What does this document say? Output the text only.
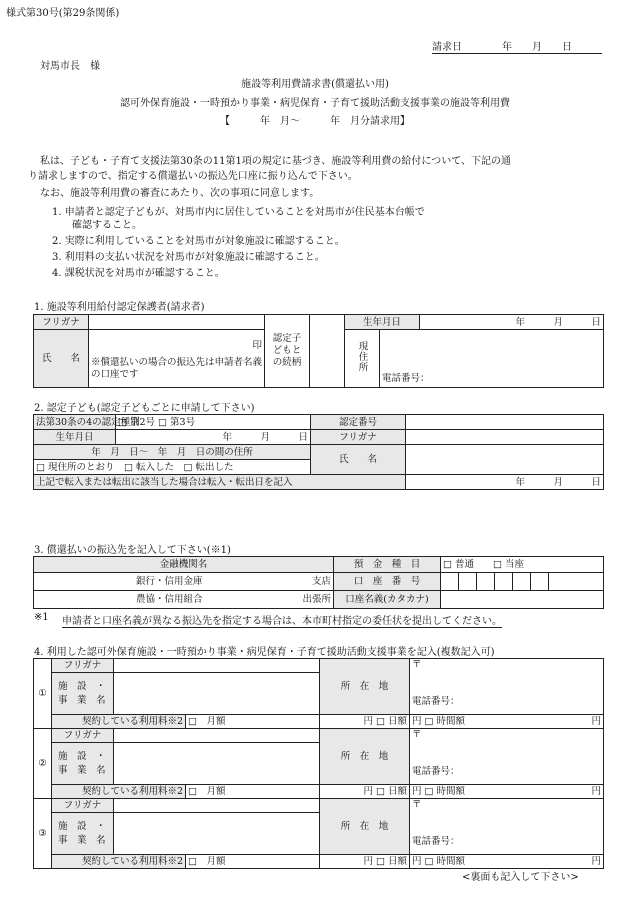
様式第30号(第29条関係)
請求日　　　　年　　月　　日
対馬市長　様
施設等利用費請求書(償還払い用)
認可外保育施設・一時預かり事業・病児保育・子育て援助活動支援事業の施設等利用費
【　　　年　月～　　　年　月分請求用】
私は、子ども・子育て支援法第30条の11第1項の規定に基づき、施設等利用費の給付について、下記の通
り請求しますので、指定する償還払いの振込先口座に振り込んで下さい。
なお、施設等利用費の審査にあたり、次の事項に同意します。
1. 申請者と認定子どもが、対馬市内に居住していることを対馬市が住民基本台帳で
確認すること。
2. 実際に利用していることを対馬市が対象施設に確認すること。
3. 利用料の支払い状況を対馬市が対象施設に確認すること。
4. 課税状況を対馬市が確認すること。
1. 施設等利用給付認定保護者(請求者)
フリガナ		認定子どもとの続柄		生年月日		年　　　月　　　日
氏　　名	印
※償還払いの場合の振込先は申請者名義の口座です			現住所	電話番号：	
2. 認定子ども(認定子どもごとに申請して下さい)
法第30条の4の認定種別	□ 第2号 □ 第3号	認定番号	
生年月日	年　　　月　　　日	フリガナ	
年　月　日～　年　月　日の間の住所		氏　　名	
□ 現住所のとおり　□ 転入した　□ 転出した			
上記で転入または転出に該当した場合は転入・転出日を記入			年　　　月　　　日
3. 償還払いの振込先を記入して下さい(※1)
金融機関名	預　金　種　目	□ 普通　　□ 当座						
銀行・信用金庫 支店	口　座　番　号							
農協・信用組合 出張所	口座名義(カタカナ)							
※1 申請者と口座名義が異なる振込先を指定する場合は、本市町村指定の委任状を提出してください。
4. 利用した認可外保育施設・一時預かり事業・病児保育・子育て援助活動支援事業を記入(複数記入可)
①	フリガナ			所　在　地	〒
電話番号：

	施　設　・
事　業　名				
	契約している利用料※2		□　月額	円 □ 日額	円 □ 時間額 円

②	フリガナ			所　在　地	〒
電話番号：

	施　設　・
事　業　名				
	契約している利用料※2		□　月額	円 □ 日額	円 □ 時間額 円

③	フリガナ			所　在　地	〒
電話番号：

	施　設　・
事　業　名				
	契約している利用料※2		□　月額	円 □ 日額	円 □ 時間額 円
<裏面も記入して下さい>
